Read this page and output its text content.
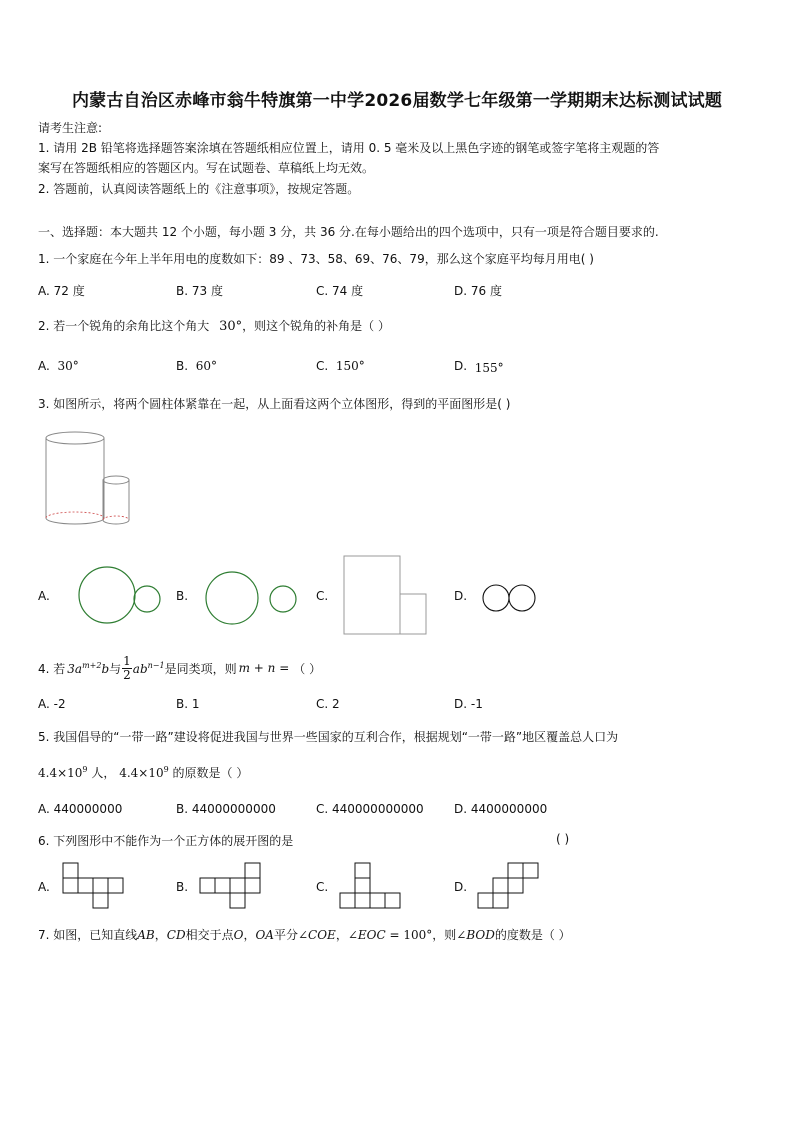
内蒙古自治区赤峰市翁牛特旗第一中学2026届数学七年级第一学期期末达标测试试题
请考生注意:
1. 请用 2B 铅笔将选择题答案涂填在答题纸相应位置上，请用 0. 5 毫米及以上黑色字迹的钢笔或签字笔将主观题的答
案写在答题纸相应的答题区内。写在试题卷、草稿纸上均无效。
2. 答题前，认真阅读答题纸上的《注意事项》，按规定答题。
一、选择题：本大题共 12 个小题，每小题 3 分，共 36 分.在每小题给出的四个选项中，只有一项是符合题目要求的.
1. 一个家庭在今年上半年用电的度数如下：89 、73、58、69、76、79，那么这个家庭平均每月用电( )
A. 72 度	B. 73 度	C. 74 度	D. 76 度
2. 若一个锐角的余角比这个角大 30°，则这个锐角的补角是（ ）
A. 30°	B. 60°	C. 150°	D. 155°
3. 如图所示，将两个圆柱体紧靠在一起，从上面看这两个立体图形，得到的平面图形是( )
A.	B.	C.	D.
4. 若 $3a^{m+2}b$ 与 $\frac{1}{2} ab^{n-1}$ 是同类项，则 m + n = （ ）
A. -2	B. 1	C. 2	D. -1
5. 我国倡导的“一带一路”建设将促进我国与世界一些国家的互利合作，根据规划“一带一路”地区覆盖总人口为
$4.4\times 10^9$ 人， $4.4\times 10^9$ 的原数是（ ）
A. 440000000	B. 44000000000	C. 440000000000	D. 4400000000
6. 下列图形中不能作为一个正方体的展开图的是	( )
A.	B.	C.	D.
7. 如图，已知直线AB，CD相交于点O，OA平分∠COE，∠EOC = 100°，则∠BOD的度数是（ ）
